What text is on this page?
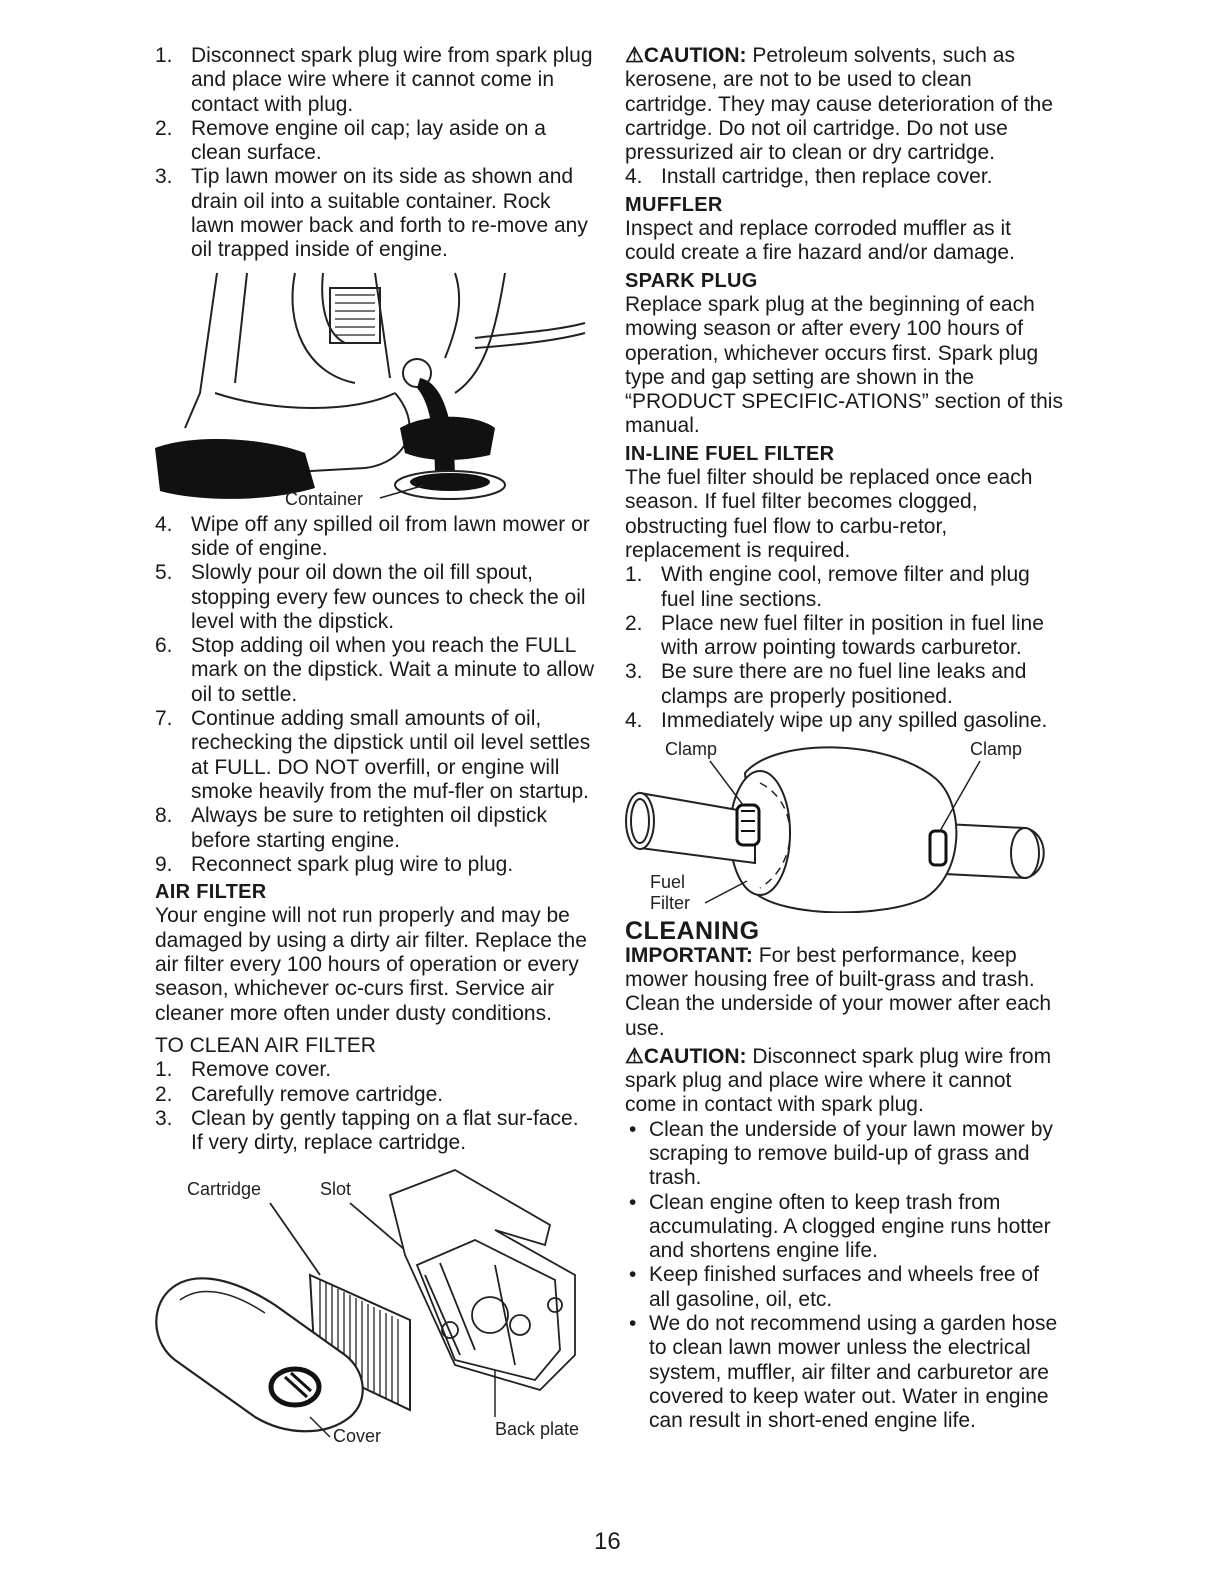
1. Disconnect spark plug wire from spark plug and place wire where it cannot come in contact with plug.
2. Remove engine oil cap; lay aside on a clean surface.
3. Tip lawn mower on its side as shown and drain oil into a suitable container. Rock lawn mower back and forth to re-move any oil trapped inside of engine.
Container
4. Wipe off any spilled oil from lawn mower or side of engine.
5. Slowly pour oil down the oil fill spout, stopping every few ounces to check the oil level with the dipstick.
6. Stop adding oil when you reach the FULL mark on the dipstick. Wait a minute to allow oil to settle.
7. Continue adding small amounts of oil, rechecking the dipstick until oil level settles at FULL. DO NOT overfill, or engine will smoke heavily from the muf-fler on startup.
8. Always be sure to retighten oil dipstick before starting engine.
9. Reconnect spark plug wire to plug.
AIR FILTER

Your engine will not run properly and may be damaged by using a dirty air filter. Replace the air filter every 100 hours of operation or every season, whichever oc-curs first. Service air cleaner more often under dusty conditions.

TO CLEAN AIR FILTER

1. Remove cover.
2. Carefully remove cartridge.
3. Clean by gently tapping on a flat sur-face. If very dirty, replace cartridge.
Cartridge	Slot
Cover	Back plate
16

⚠CAUTION: Petroleum solvents, such as kerosene, are not to be used to clean cartridge. They may cause deterioration of the cartridge. Do not oil cartridge. Do not use pressurized air to clean or dry cartridge.

4. Install cartridge, then replace cover.
MUFFLER

Inspect and replace corroded muffler as it could create a fire hazard and/or damage.

SPARK PLUG

Replace spark plug at the beginning of each mowing season or after every 100 hours of operation, whichever occurs first. Spark plug type and gap setting are shown in the “PRODUCT SPECIFIC-ATIONS” section of this manual.

IN-LINE FUEL FILTER

The fuel filter should be replaced once each season. If fuel filter becomes clogged, obstructing fuel flow to carbu-retor, replacement is required.

1. With engine cool, remove filter and plug fuel line sections.
2. Place new fuel filter in position in fuel line with arrow pointing towards carburetor.
3. Be sure there are no fuel line leaks and clamps are properly positioned.
4. Immediately wipe up any spilled gasoline.
Clamp	Clamp
Fuel
Filter
CLEANING

IMPORTANT: For best performance, keep mower housing free of built-grass and trash. Clean the underside of your mower after each use.

⚠CAUTION: Disconnect spark plug wire from spark plug and place wire where it cannot come in contact with spark plug.

• Clean the underside of your lawn mower by scraping to remove build-up of grass and trash.
• Clean engine often to keep trash from accumulating. A clogged engine runs hotter and shortens engine life.
• Keep finished surfaces and wheels free of all gasoline, oil, etc.
• We do not recommend using a garden hose to clean lawn mower unless the electrical system, muffler, air filter and carburetor are covered to keep water out. Water in engine can result in short-ened engine life.
